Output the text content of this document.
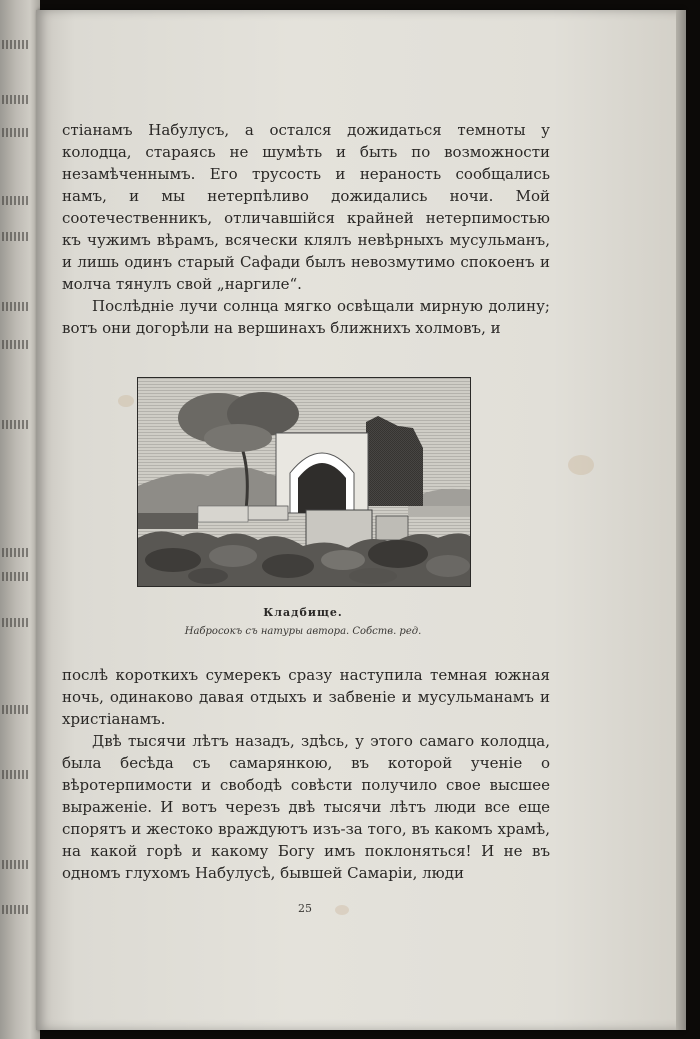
стіанамъ Набулусъ, а остался дожидаться темноты у колодца, стараясь не шумѣть и быть по возможности незамѣченнымъ. Его трусость и нераность сообщались намъ, и мы нетерпѣливо дожидались ночи. Мой соотечественникъ, отличавшійся крайней нетерпимостью къ чужимъ вѣрамъ, всячески клялъ невѣрныхъ мусульманъ, и лишь одинъ старый Сафади былъ невозмутимо спокоенъ и молча тянулъ свой „наргиле“.

Послѣдніе лучи солнца мягко освѣщали мирную долину; вотъ они догорѣли на вершинахъ ближнихъ холмовъ, и

Кладбище.
Набросокъ съ натуры автора. Собств. ред.

послѣ короткихъ сумерекъ сразу наступила темная южная ночь, одинаково давая отдыхъ и забвеніе и мусульманамъ и христіанамъ.

Двѣ тысячи лѣтъ назадъ, здѣсь, у этого самаго колодца, была бесѣда съ самарянкою, въ которой ученіе о вѣротерпимости и свободѣ совѣсти получило свое высшее выраженіе. И вотъ черезъ двѣ тысячи лѣтъ люди все еще спорятъ и жестоко враждуютъ изъ-за того, въ какомъ храмѣ, на какой горѣ и какому Богу имъ поклоняться! И не въ одномъ глухомъ Набулусѣ, бывшей Самаріи, люди

25
